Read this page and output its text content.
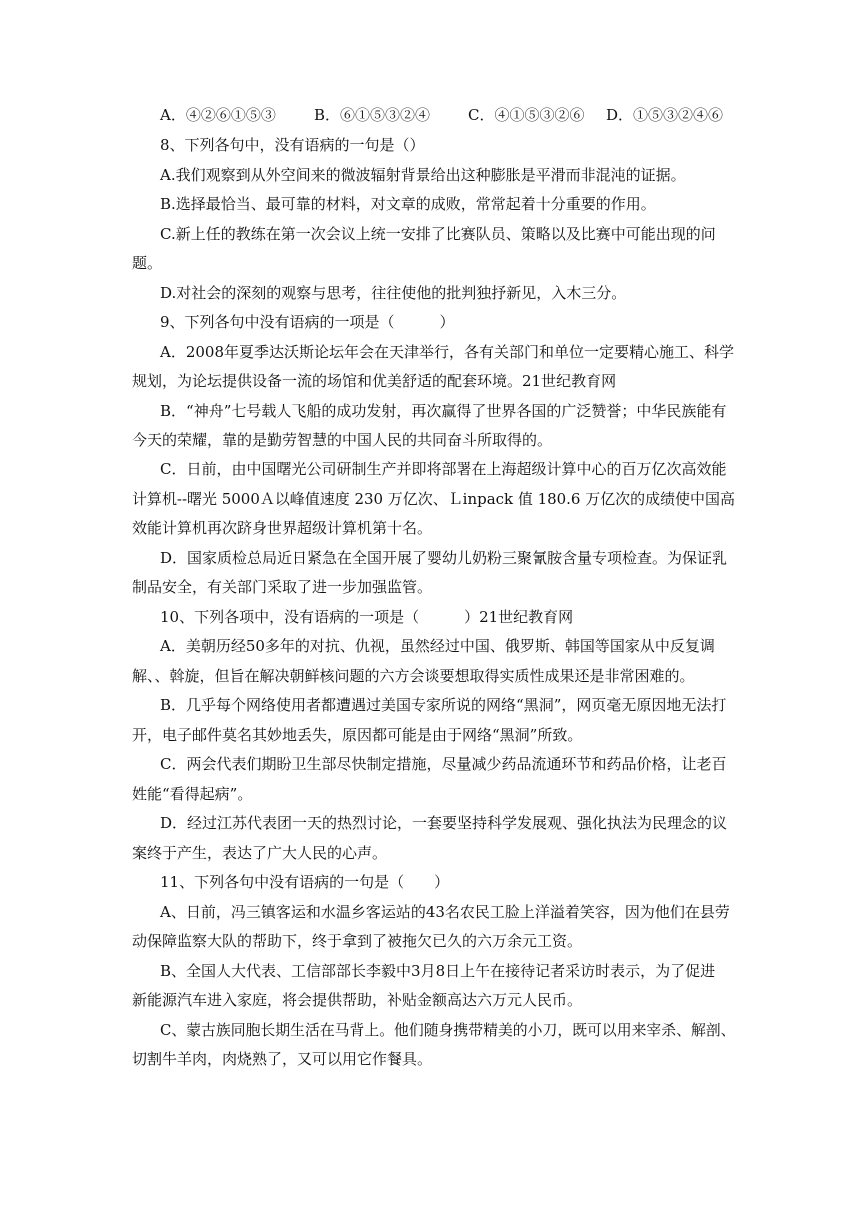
A．④②⑥①⑤③	B．⑥①⑤③②④	C．④①⑤③②⑥ D．①⑤③②④⑥
8、下列各句中，没有语病的一句是（）
A.我们观察到从外空间来的微波辐射背景给出这种膨胀是平滑而非混沌的证据。
B.选择最恰当、最可靠的材料，对文章的成败，常常起着十分重要的作用。
C.新上任的教练在第一次会议上统一安排了比赛队员、策略以及比赛中可能出现的问
题。
D.对社会的深刻的观察与思考，往往使他的批判独抒新见，入木三分。
9、下列各句中没有语病的一项是（　　　）
A．2008年夏季达沃斯论坛年会在天津举行，各有关部门和单位一定要精心施工、科学
规划，为论坛提供设备一流的场馆和优美舒适的配套环境。21世纪教育网
B．“神舟”七号载人飞船的成功发射，再次赢得了世界各国的广泛赞誉；中华民族能有
今天的荣耀，靠的是勤劳智慧的中国人民的共同奋斗所取得的。
C．日前，由中国曙光公司研制生产并即将部署在上海超级计算中心的百万亿次高效能
计算机--曙光 5000Ａ以峰值速度 230 万亿次、Ｌinpack 值 180.6 万亿次的成绩使中国高
效能计算机再次跻身世界超级计算机第十名。
D．国家质检总局近日紧急在全国开展了婴幼儿奶粉三聚氰胺含量专项检查。为保证乳
制品安全，有关部门采取了进一步加强监管。
10、下列各项中，没有语病的一项是（　　　）21世纪教育网
A．美朝历经50多年的对抗、仇视，虽然经过中国、俄罗斯、韩国等国家从中反复调
解、、斡旋，但旨在解决朝鲜核问题的六方会谈要想取得实质性成果还是非常困难的。
B．几乎每个网络使用者都遭遇过美国专家所说的网络“黑洞”，网页毫无原因地无法打
开，电子邮件莫名其妙地丢失，原因都可能是由于网络“黑洞”所致。
C．两会代表们期盼卫生部尽快制定措施，尽量减少药品流通环节和药品价格，让老百
姓能“看得起病”。
D．经过江苏代表团一天的热烈讨论，一套要坚持科学发展观、强化执法为民理念的议
案终于产生，表达了广大人民的心声。
11、下列各句中没有语病的一句是（　　）
A、日前，冯三镇客运和水温乡客运站的43名农民工脸上洋溢着笑容，因为他们在县劳
动保障监察大队的帮助下，终于拿到了被拖欠已久的六万余元工资。
B、全国人大代表、工信部部长李毅中3月8日上午在接待记者采访时表示，为了促进
新能源汽车进入家庭，将会提供帮助，补贴金额高达六万元人民币。
C、蒙古族同胞长期生活在马背上。他们随身携带精美的小刀，既可以用来宰杀、解剖、
切割牛羊肉，肉烧熟了，又可以用它作餐具。
